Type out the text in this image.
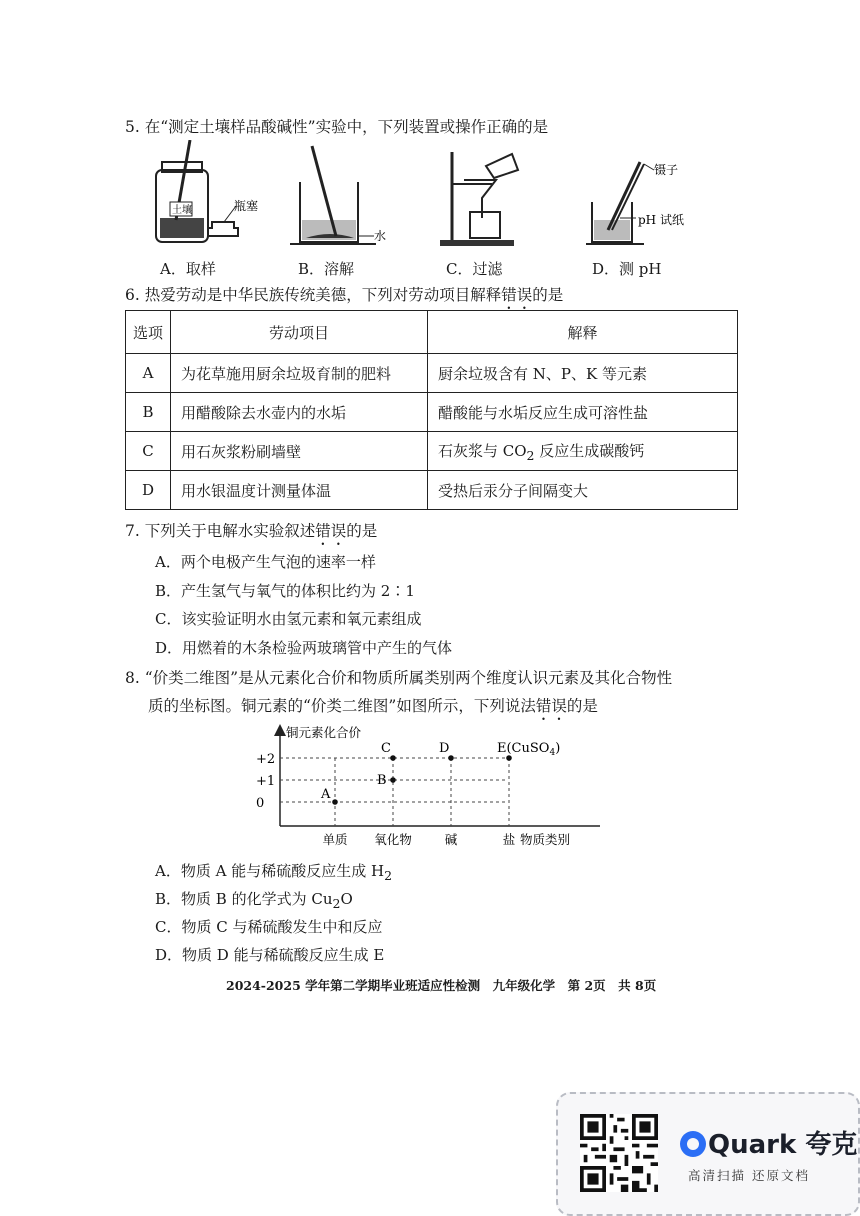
5. 在“测定土壤样品酸碱性”实验中，下列装置或操作正确的是
土壤	瓶塞
水
镊子
pH 试纸
A．取样	B．溶解	C．过滤	D．测 pH
6. 热爱劳动是中华民族传统美德，下列对劳动项目解释错误的是
选项	劳动项目	解释
A	为花草施用厨余垃圾育制的肥料	厨余垃圾含有 N、P、K 等元素
B	用醋酸除去水壶内的水垢	醋酸能与水垢反应生成可溶性盐
C	用石灰浆粉刷墙壁	石灰浆与 $CO_2$ 反应生成碳酸钙
D	用水银温度计测量体温	受热后汞分子间隔变大
7. 下列关于电解水实验叙述错误的是
A．两个电极产生气泡的速率一样
B．产生氢气与氧气的体积比约为 2∶1
C．该实验证明水由氢元素和氧元素组成
D．用燃着的木条检验两玻璃管中产生的气体
8. “价类二维图”是从元素化合价和物质所属类别两个维度认识元素及其化合物性
质的坐标图。铜元素的“价类二维图”如图所示，下列说法错误的是
铜元素化合价
+2
+1
0
单质 氧化物	碱	盐 物质类别
A
B
C	D	E(CuSO$_4$)
A．物质 A 能与稀硫酸反应生成 $H_2$
B．物质 B 的化学式为 $Cu_2O$
C．物质 C 与稀硫酸发生中和反应
D．物质 D 能与稀硫酸反应生成 E
2024-2025 学年第二学期毕业班适应性检测　九年级化学　第 2页　共 8页
Quark 夸克
高清扫描 还原文档
